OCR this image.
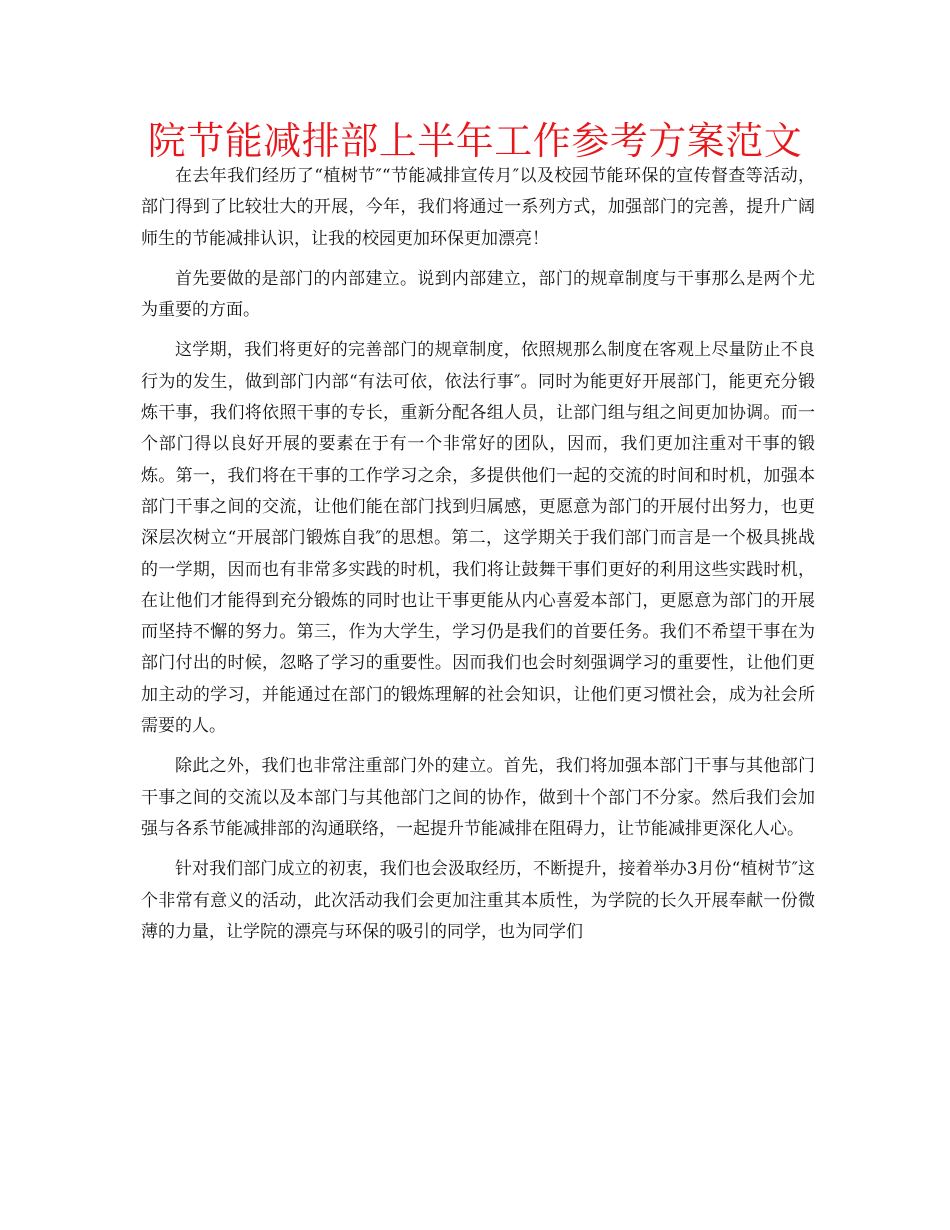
院节能减排部上半年工作参考方案范文

在去年我们经历了“植树节″“节能减排宣传月″以及校园节能环保的宣传督查等活动，部门得到了比较壮大的开展，今年，我们将通过一系列方式，加强部门的完善，提升广阔师生的节能减排认识，让我的校园更加环保更加漂亮！

首先要做的是部门的内部建立。说到内部建立，部门的规章制度与干事那么是两个尤为重要的方面。

这学期，我们将更好的完善部门的规章制度，依照规那么制度在客观上尽量防止不良行为的发生，做到部门内部“有法可依，依法行事″。同时为能更好开展部门，能更充分锻炼干事，我们将依照干事的专长，重新分配各组人员，让部门组与组之间更加协调。而一个部门得以良好开展的要素在于有一个非常好的团队，因而，我们更加注重对干事的锻炼。第一，我们将在干事的工作学习之余，多提供他们一起的交流的时间和时机，加强本部门干事之间的交流，让他们能在部门找到归属感，更愿意为部门的开展付出努力，也更深层次树立“开展部门锻炼自我″的思想。第二，这学期关于我们部门而言是一个极具挑战的一学期，因而也有非常多实践的时机，我们将让鼓舞干事们更好的利用这些实践时机，在让他们才能得到充分锻炼的同时也让干事更能从内心喜爱本部门，更愿意为部门的开展而坚持不懈的努力。第三，作为大学生，学习仍是我们的首要任务。我们不希望干事在为部门付出的时候，忽略了学习的重要性。因而我们也会时刻强调学习的重要性，让他们更加主动的学习，并能通过在部门的锻炼理解的社会知识，让他们更习惯社会，成为社会所需要的人。

除此之外，我们也非常注重部门外的建立。首先，我们将加强本部门干事与其他部门干事之间的交流以及本部门与其他部门之间的协作，做到十个部门不分家。然后我们会加强与各系节能减排部的沟通联络，一起提升节能减排在阻碍力，让节能减排更深化人心。

针对我们部门成立的初衷，我们也会汲取经历，不断提升，接着举办3月份“植树节″这个非常有意义的活动，此次活动我们会更加注重其本质性，为学院的长久开展奉献一份微薄的力量，让学院的漂亮与环保的吸引的同学，也为同学们
